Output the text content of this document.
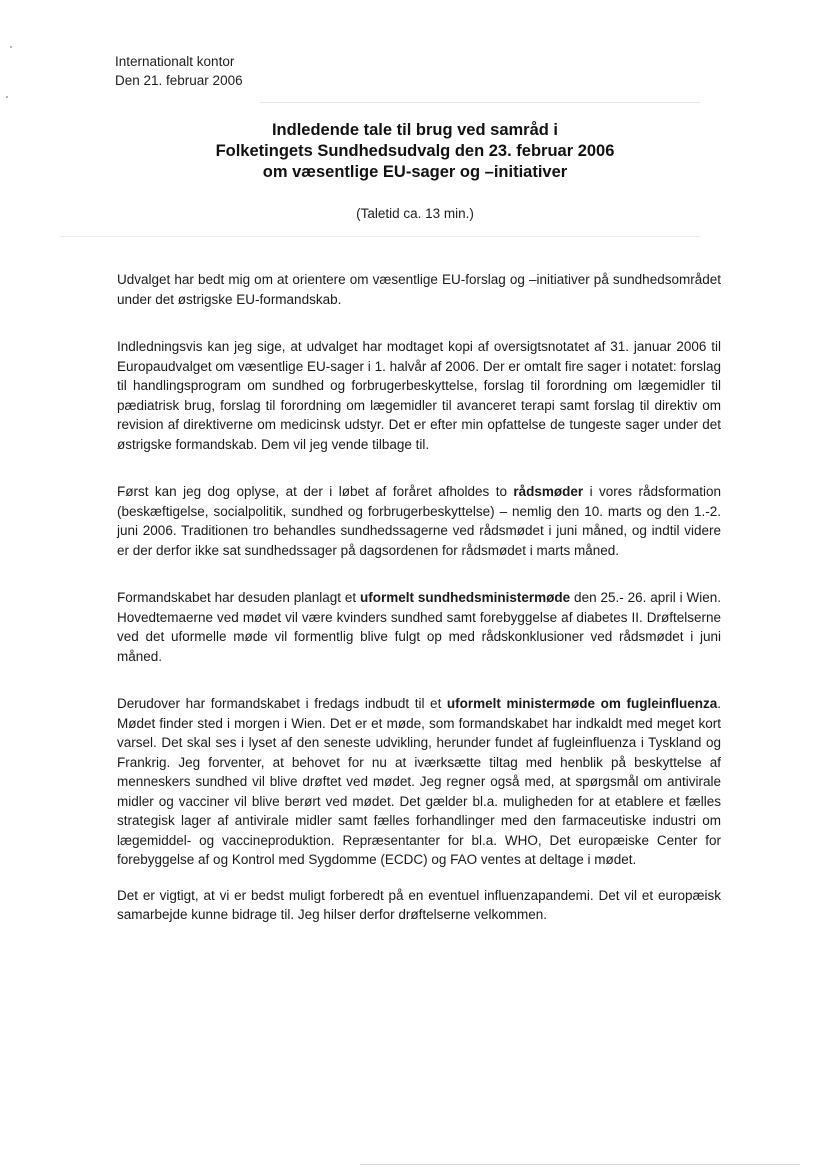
Internationalt kontor
Den 21. februar 2006
Indledende tale til brug ved samråd i
Folketingets Sundhedsudvalg den 23. februar 2006
om væsentlige EU-sager og –initiativer
(Taletid ca. 13 min.)

Udvalget har bedt mig om at orientere om væsentlige EU-forslag og –initiativer på sundhedsområdet under det østrigske EU-formandskab.

Indledningsvis kan jeg sige, at udvalget har modtaget kopi af oversigtsnotatet af 31. januar 2006 til Europaudvalget om væsentlige EU-sager i 1. halvår af 2006. Der er omtalt fire sager i notatet: forslag til handlingsprogram om sundhed og forbrugerbeskyttelse, forslag til forordning om lægemidler til pædiatrisk brug, forslag til forordning om lægemidler til avanceret terapi samt forslag til direktiv om revision af direktiverne om medicinsk udstyr. Det er efter min opfattelse de tungeste sager under det østrigske formandskab. Dem vil jeg vende tilbage til.

Først kan jeg dog oplyse, at der i løbet af foråret afholdes to rådsmøder i vores rådsformation (beskæftigelse, socialpolitik, sundhed og forbrugerbeskyttelse) – nemlig den 10. marts og den 1.-2. juni 2006. Traditionen tro behandles sundhedssagerne ved rådsmødet i juni måned, og indtil videre er der derfor ikke sat sundhedssager på dagsordenen for rådsmødet i marts måned.

Formandskabet har desuden planlagt et uformelt sundhedsministermøde den 25.- 26. april i Wien. Hovedtemaerne ved mødet vil være kvinders sundhed samt forebyggelse af diabetes II. Drøftelserne ved det uformelle møde vil formentlig blive fulgt op med rådskonklusioner ved rådsmødet i juni måned.

Derudover har formandskabet i fredags indbudt til et uformelt ministermøde om fugleinfluenza. Mødet finder sted i morgen i Wien. Det er et møde, som formandskabet har indkaldt med meget kort varsel. Det skal ses i lyset af den seneste udvikling, herunder fundet af fugleinfluenza i Tyskland og Frankrig. Jeg forventer, at behovet for nu at iværksætte tiltag med henblik på beskyttelse af menneskers sundhed vil blive drøftet ved mødet. Jeg regner også med, at spørgsmål om antivirale midler og vacciner vil blive berørt ved mødet. Det gælder bl.a. muligheden for at etablere et fælles strategisk lager af antivirale midler samt fælles forhandlinger med den farmaceutiske industri om lægemiddel- og vaccineproduktion. Repræsentanter for bl.a. WHO, Det europæiske Center for forebyggelse af og Kontrol med Sygdomme (ECDC) og FAO ventes at deltage i mødet.

Det er vigtigt, at vi er bedst muligt forberedt på en eventuel influenzapandemi. Det vil et europæisk samarbejde kunne bidrage til. Jeg hilser derfor drøftelserne velkommen.
